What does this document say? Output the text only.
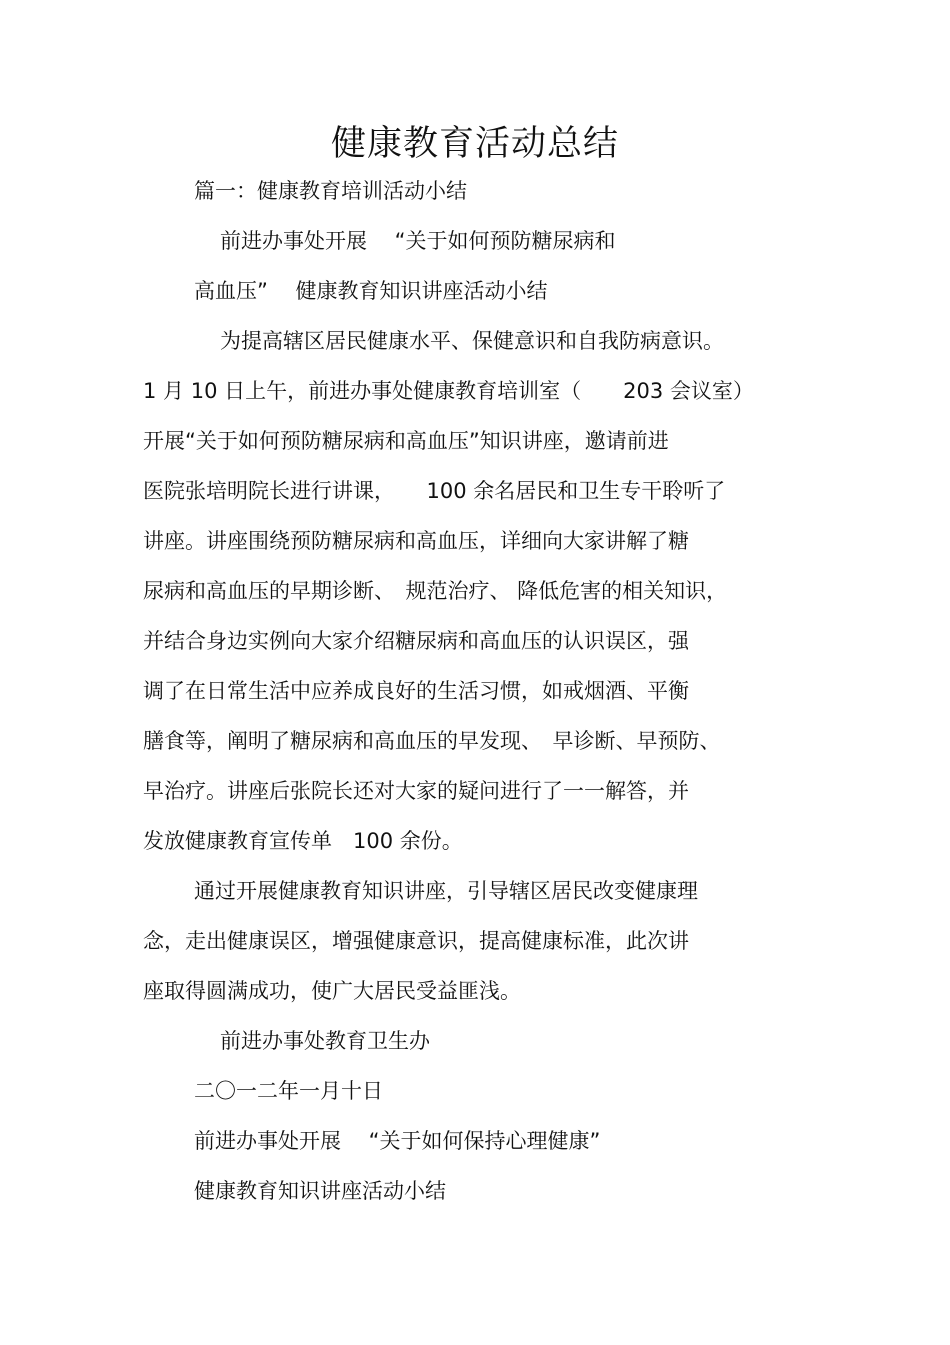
健康教育活动总结
篇一：健康教育培训活动小结
前进办事处开展　 “关于如何预防糖尿病和
高血压”　 健康教育知识讲座活动小结
为提高辖区居民健康水平、保健意识和自我防病意识。
1 月 10 日上午，前进办事处健康教育培训室（　　203 会议室）
开展“关于如何预防糖尿病和高血压”知识讲座，邀请前进
医院张培明院长进行讲课，　　100 余名居民和卫生专干聆听了
讲座。讲座围绕预防糖尿病和高血压，详细向大家讲解了糖
尿病和高血压的早期诊断、　规范治疗、 降低危害的相关知识，
并结合身边实例向大家介绍糖尿病和高血压的认识误区，强
调了在日常生活中应养成良好的生活习惯，如戒烟酒、平衡
膳食等，阐明了糖尿病和高血压的早发现、　早诊断、早预防、
早治疗。讲座后张院长还对大家的疑问进行了一一解答，并
发放健康教育宣传单　100 余份。
通过开展健康教育知识讲座，引导辖区居民改变健康理
念，走出健康误区，增强健康意识，提高健康标准，此次讲
座取得圆满成功，使广大居民受益匪浅。
前进办事处教育卫生办
二〇一二年一月十日
前进办事处开展　 “关于如何保持心理健康”
健康教育知识讲座活动小结
